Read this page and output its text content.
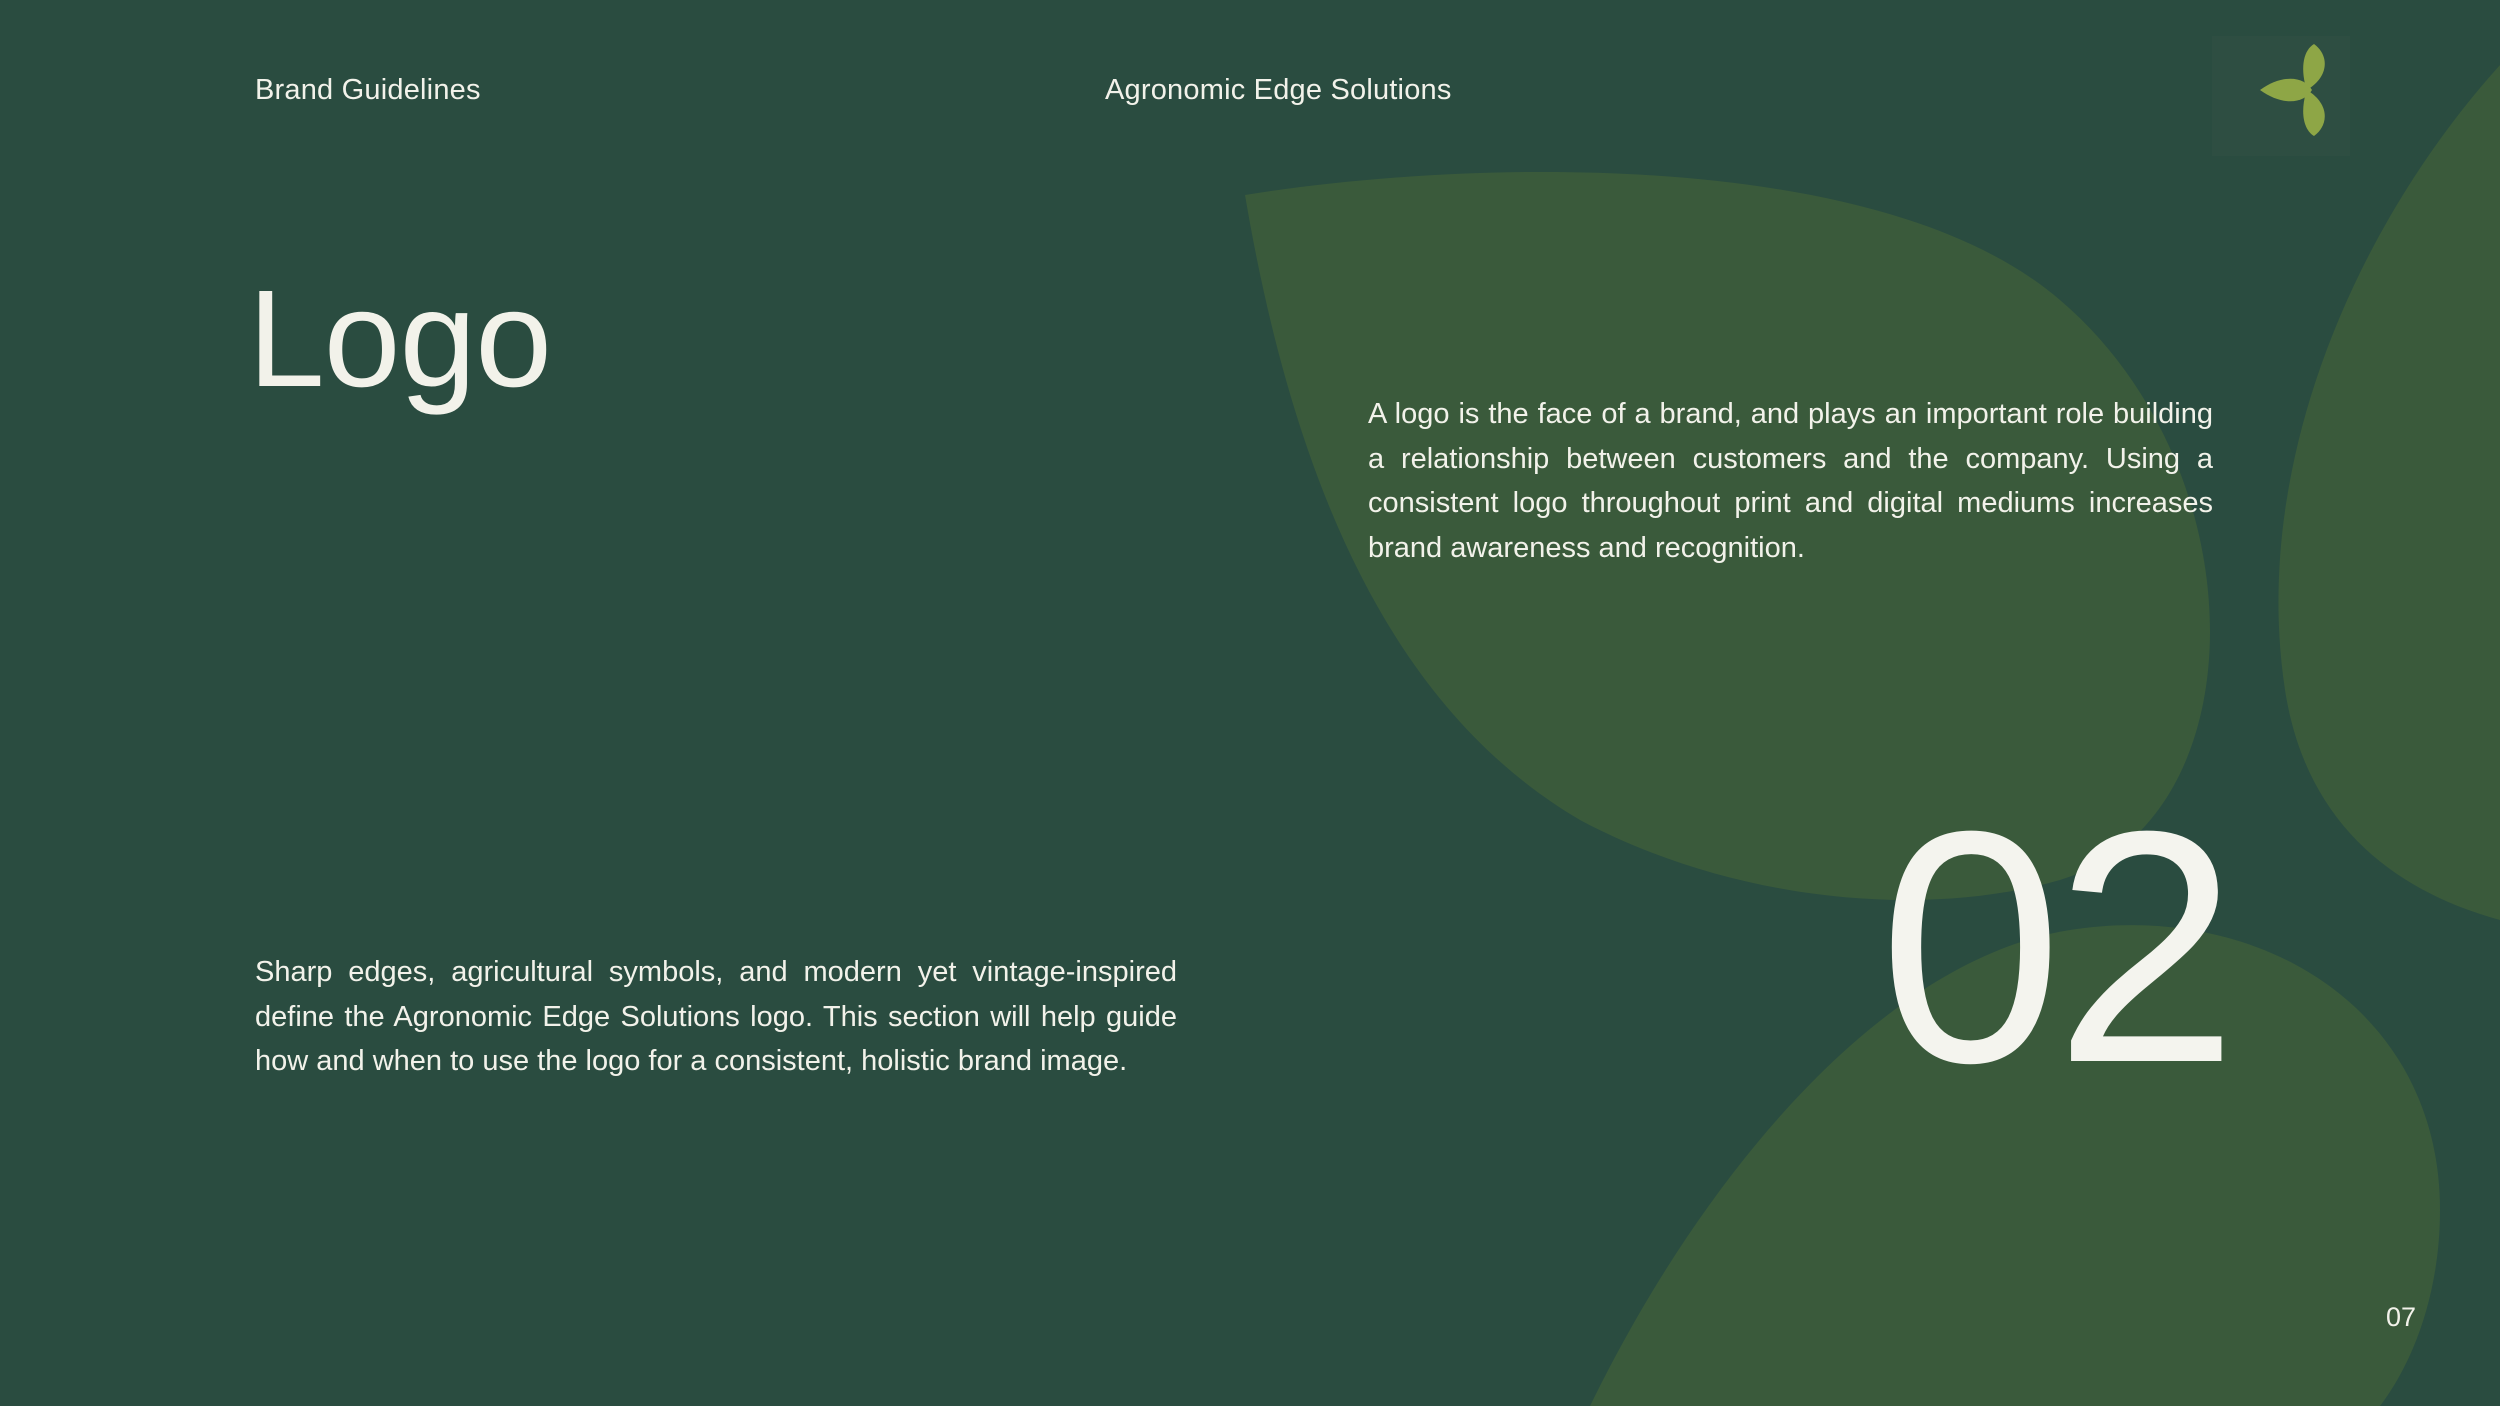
Brand Guidelines	Agronomic Edge Solutions
Logo	A logo is the face of a brand, and plays an important role building a relationship between customers and the company. Using a consistent logo throughout print and digital mediums increases brand awareness and recognition.
Sharp edges, agricultural symbols, and modern yet vintage-inspired define the Agronomic Edge Solutions logo. This section will help guide how and when to use the logo for a consistent, holistic brand image. 02
07
